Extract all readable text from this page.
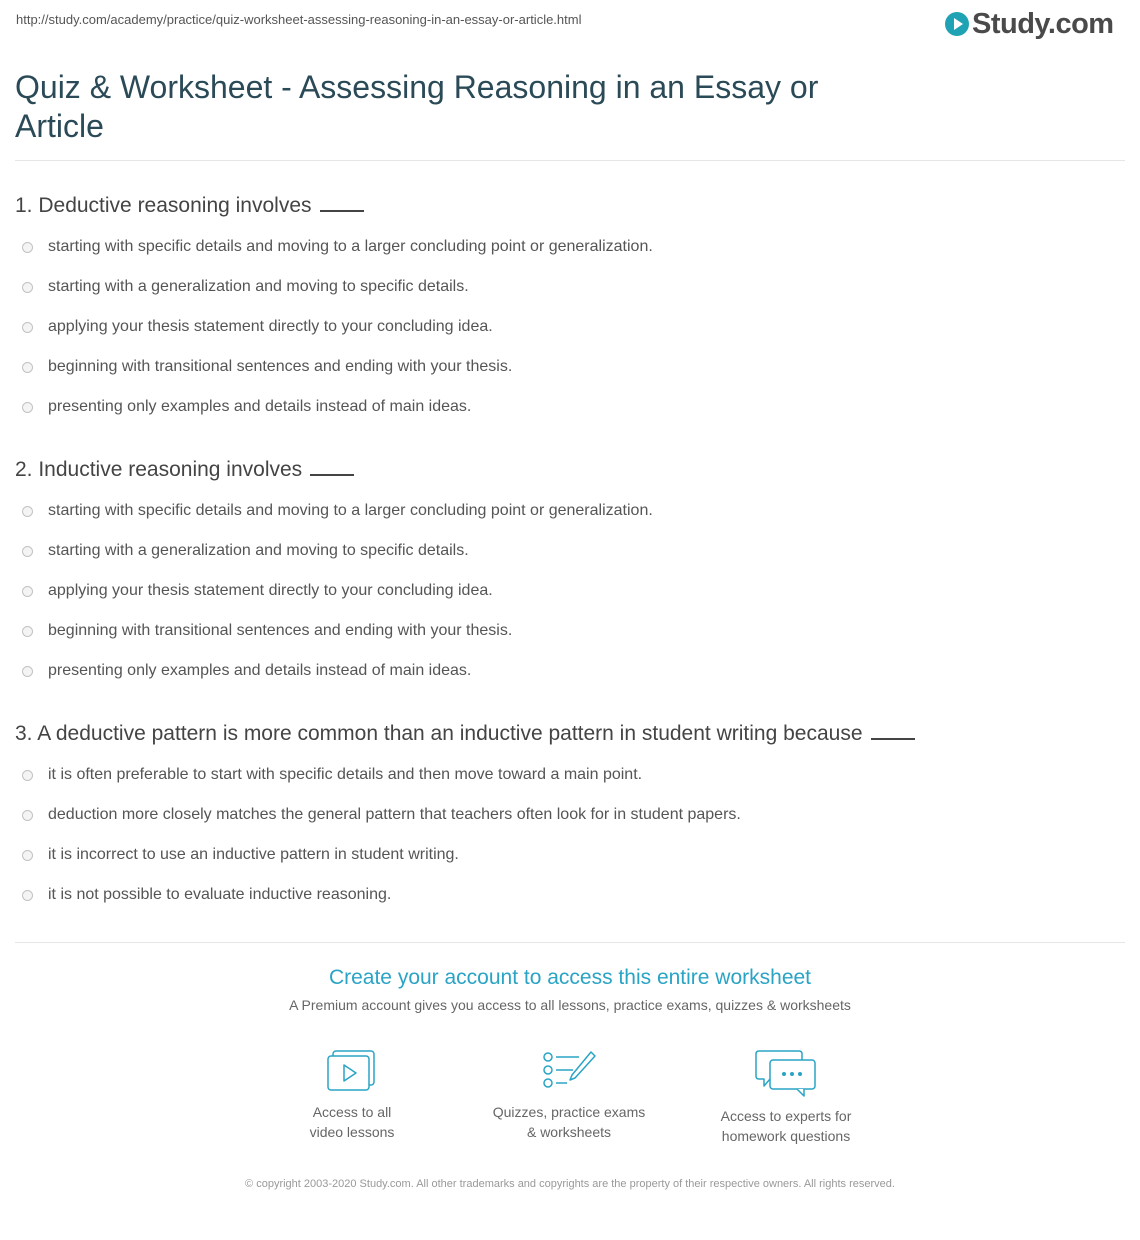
http://study.com/academy/practice/quiz-worksheet-assessing-reasoning-in-an-essay-or-article.html	Study.com
Quiz & Worksheet - Assessing Reasoning in an Essay or Article
1. Deductive reasoning involves
starting with specific details and moving to a larger concluding point or generalization.
starting with a generalization and moving to specific details.
applying your thesis statement directly to your concluding idea.
beginning with transitional sentences and ending with your thesis.
presenting only examples and details instead of main ideas.
2. Inductive reasoning involves
starting with specific details and moving to a larger concluding point or generalization.
starting with a generalization and moving to specific details.
applying your thesis statement directly to your concluding idea.
beginning with transitional sentences and ending with your thesis.
presenting only examples and details instead of main ideas.
3. A deductive pattern is more common than an inductive pattern in student writing because
it is often preferable to start with specific details and then move toward a main point.
deduction more closely matches the general pattern that teachers often look for in student papers.
it is incorrect to use an inductive pattern in student writing.
it is not possible to evaluate inductive reasoning.
Create your account to access this entire worksheet
A Premium account gives you access to all lessons, practice exams, quizzes & worksheets
Access to all
video lessons
Quizzes, practice exams
& worksheets
Access to experts for
homework questions
© copyright 2003-2020 Study.com. All other trademarks and copyrights are the property of their respective owners. All rights reserved.
